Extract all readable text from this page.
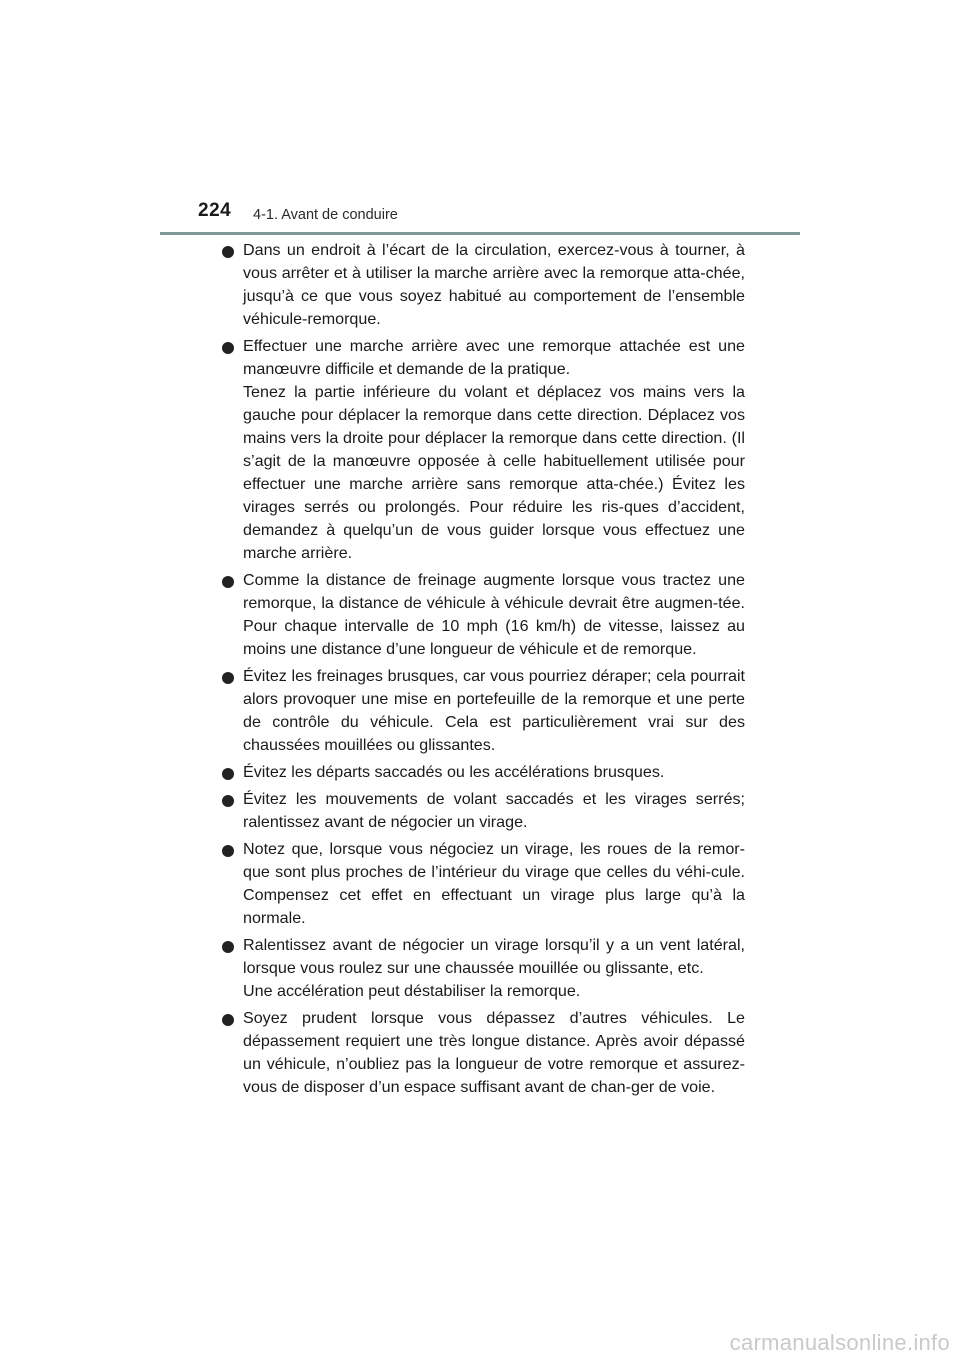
224 4-1. Avant de conduire

Dans un endroit à l’écart de la circulation, exercez-vous à tourner, à vous arrêter et à utiliser la marche arrière avec la remorque atta-chée, jusqu’à ce que vous soyez habitué au comportement de l’ensemble véhicule-remorque.

Effectuer une marche arrière avec une remorque attachée est une manœuvre difficile et demande de la pratique.

Tenez la partie inférieure du volant et déplacez vos mains vers la gauche pour déplacer la remorque dans cette direction. Déplacez vos mains vers la droite pour déplacer la remorque dans cette direction. (Il s’agit de la manœuvre opposée à celle habituellement utilisée pour effectuer une marche arrière sans remorque atta-chée.) Évitez les virages serrés ou prolongés. Pour réduire les ris-ques d’accident, demandez à quelqu’un de vous guider lorsque vous effectuez une marche arrière.

Comme la distance de freinage augmente lorsque vous tractez une remorque, la distance de véhicule à véhicule devrait être augmen-tée. Pour chaque intervalle de 10 mph (16 km/h) de vitesse, laissez au moins une distance d’une longueur de véhicule et de remorque.

Évitez les freinages brusques, car vous pourriez déraper; cela pourrait alors provoquer une mise en portefeuille de la remorque et une perte de contrôle du véhicule. Cela est particulièrement vrai sur des chaussées mouillées ou glissantes.

Évitez les départs saccadés ou les accélérations brusques.

Évitez les mouvements de volant saccadés et les virages serrés; ralentissez avant de négocier un virage.

Notez que, lorsque vous négociez un virage, les roues de la remor-que sont plus proches de l’intérieur du virage que celles du véhi-cule. Compensez cet effet en effectuant un virage plus large qu’à la normale.

Ralentissez avant de négocier un virage lorsqu’il y a un vent latéral, lorsque vous roulez sur une chaussée mouillée ou glissante, etc.

Une accélération peut déstabiliser la remorque.

Soyez prudent lorsque vous dépassez d’autres véhicules. Le dépassement requiert une très longue distance. Après avoir dépassé un véhicule, n’oubliez pas la longueur de votre remorque et assurez-vous de disposer d’un espace suffisant avant de chan-ger de voie.

carmanualsonline.info
